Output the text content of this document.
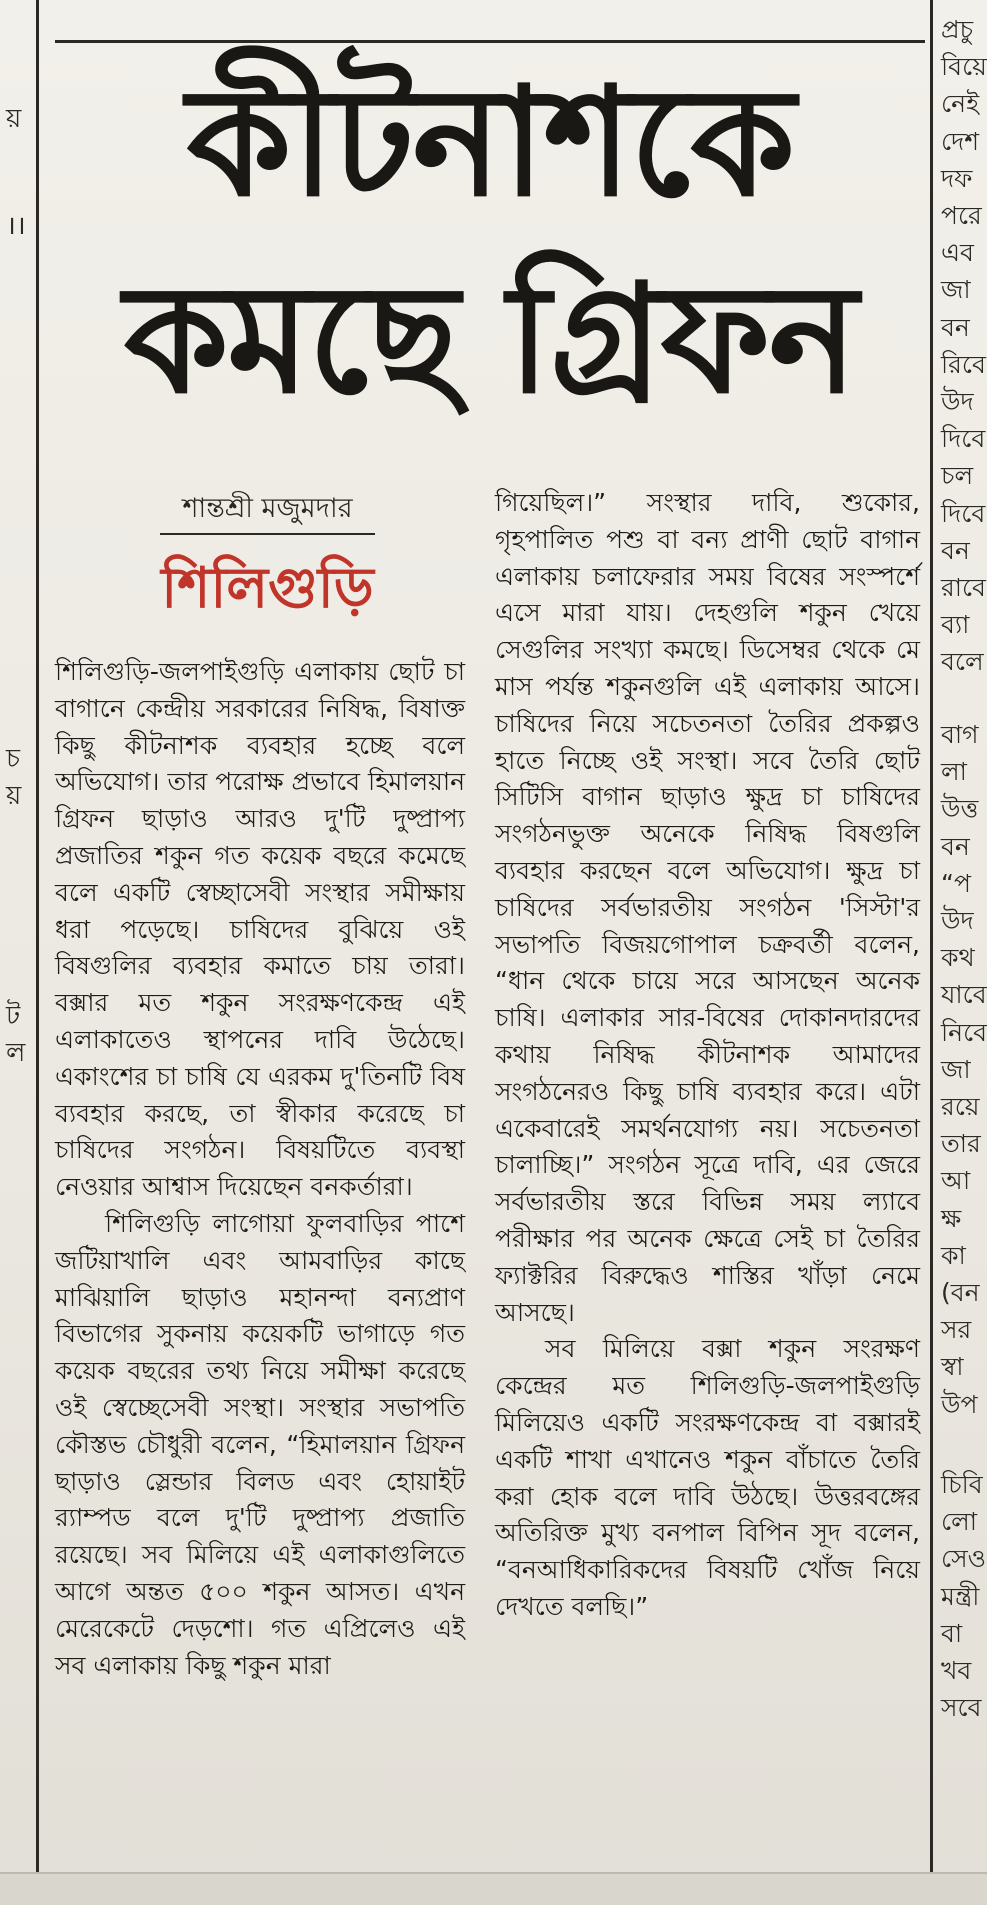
য়
।।
চ
য়
ট
ল
কীটনাশকে
কমছে গ্রিফন
শান্তশ্রী মজুমদার
শিলিগুড়ি

শিলিগুড়ি-জলপাইগুড়ি এলাকায় ছোট চা বাগানে কেন্দ্রীয় সরকারের নিষিদ্ধ, বিষাক্ত কিছু কীটনাশক ব্যবহার হচ্ছে বলে অভিযোগ। তার পরোক্ষ প্রভাবে হিমালয়ান গ্রিফন ছাড়াও আরও দু'টি দুষ্প্রাপ্য প্রজাতির শকুন গত কয়েক বছরে কমেছে বলে একটি স্বেচ্ছাসেবী সংস্থার সমীক্ষায় ধরা পড়েছে। চাষিদের বুঝিয়ে ওই বিষগুলির ব্যবহার কমাতে চায় তারা। বক্সার মত শকুন সংরক্ষণকেন্দ্র এই এলাকাতেও স্থাপনের দাবি উঠেছে। একাংশের চা চাষি যে এরকম দু'তিনটি বিষ ব্যবহার করছে, তা স্বীকার করেছে চা চাষিদের সংগঠন। বিষয়টিতে ব্যবস্থা নেওয়ার আশ্বাস দিয়েছেন বনকর্তারা।

শিলিগুড়ি লাগোয়া ফুলবাড়ির পাশে জটিয়াখালি এবং আমবাড়ির কাছে মাঝিয়ালি ছাড়াও মহানন্দা বন্যপ্রাণ বিভাগের সুকনায় কয়েকটি ভাগাড়ে গত কয়েক বছরের তথ্য নিয়ে সমীক্ষা করেছে ওই স্বেচ্ছেসেবী সংস্থা। সংস্থার সভাপতি কৌস্তভ চৌধুরী বলেন, “হিমালয়ান গ্রিফন ছাড়াও স্লেন্ডার বিলড এবং হোয়াইট র‍্যাম্পড বলে দু'টি দুষ্প্রাপ্য প্রজাতি রয়েছে। সব মিলিয়ে এই এলাকাগুলিতে আগে অন্তত ৫০০ শকুন আসত। এখন মেরেকেটে দেড়শো। গত এপ্রিলেও এই সব এলাকায় কিছু শকুন মারা

গিয়েছিল।” সংস্থার দাবি, শুকোর, গৃহপালিত পশু বা বন্য প্রাণী ছোট বাগান এলাকায় চলাফেরার সময় বিষের সংস্পর্শে এসে মারা যায়। দেহগুলি শকুন খেয়ে সেগুলির সংখ্যা কমছে। ডিসেম্বর থেকে মে মাস পর্যন্ত শকুনগুলি এই এলাকায় আসে। চাষিদের নিয়ে সচেতনতা তৈরির প্রকল্পও হাতে নিচ্ছে ওই সংস্থা। সবে তৈরি ছোট সিটিসি বাগান ছাড়াও ক্ষুদ্র চা চাষিদের সংগঠনভুক্ত অনেকে নিষিদ্ধ বিষগুলি ব্যবহার করছেন বলে অভিযোগ। ক্ষুদ্র চা চাষিদের সর্বভারতীয় সংগঠন 'সিস্টা'র সভাপতি বিজয়গোপাল চক্রবর্তী বলেন, “ধান থেকে চায়ে সরে আসছেন অনেক চাষি। এলাকার সার-বিষের দোকানদারদের কথায় নিষিদ্ধ কীটনাশক আমাদের সংগঠনেরও কিছু চাষি ব্যবহার করে। এটা একেবারেই সমর্থনযোগ্য নয়। সচেতনতা চালাচ্ছি।” সংগঠন সূত্রে দাবি, এর জেরে সর্বভারতীয় স্তরে বিভিন্ন সময় ল্যাবে পরীক্ষার পর অনেক ক্ষেত্রে সেই চা তৈরির ফ্যাক্টরির বিরুদ্ধেও শাস্তির খাঁড়া নেমে আসছে।

সব মিলিয়ে বক্সা শকুন সংরক্ষণ কেন্দ্রের মত শিলিগুড়ি-জলপাইগুড়ি মিলিয়েও একটি সংরক্ষণকেন্দ্র বা বক্সারই একটি শাখা এখানেও শকুন বাঁচাতে তৈরি করা হোক বলে দাবি উঠছে। উত্তরবঙ্গের অতিরিক্ত মুখ্য বনপাল বিপিন সূদ বলেন, “বনআধিকারিকদের বিষয়টি খোঁজ নিয়ে দেখতে বলছি।”

প্রচু
বিয়ে
নেই
দেশ
দফ
পরে
এব
জা
বন
রিবে
উদ
দিবে
চল
দিবে
বন
রাবে
ব্যা
বলে
বাগ
লা
উত্ত
বন
“প
উদ
কথ
যাবে
নিবে
জা
রয়ে
তার
আ
ক্ষ
কা
(বন
সর
স্বা
উপ
চিবি
লো
সেও
মন্ত্রী
বা
খব
সবে
